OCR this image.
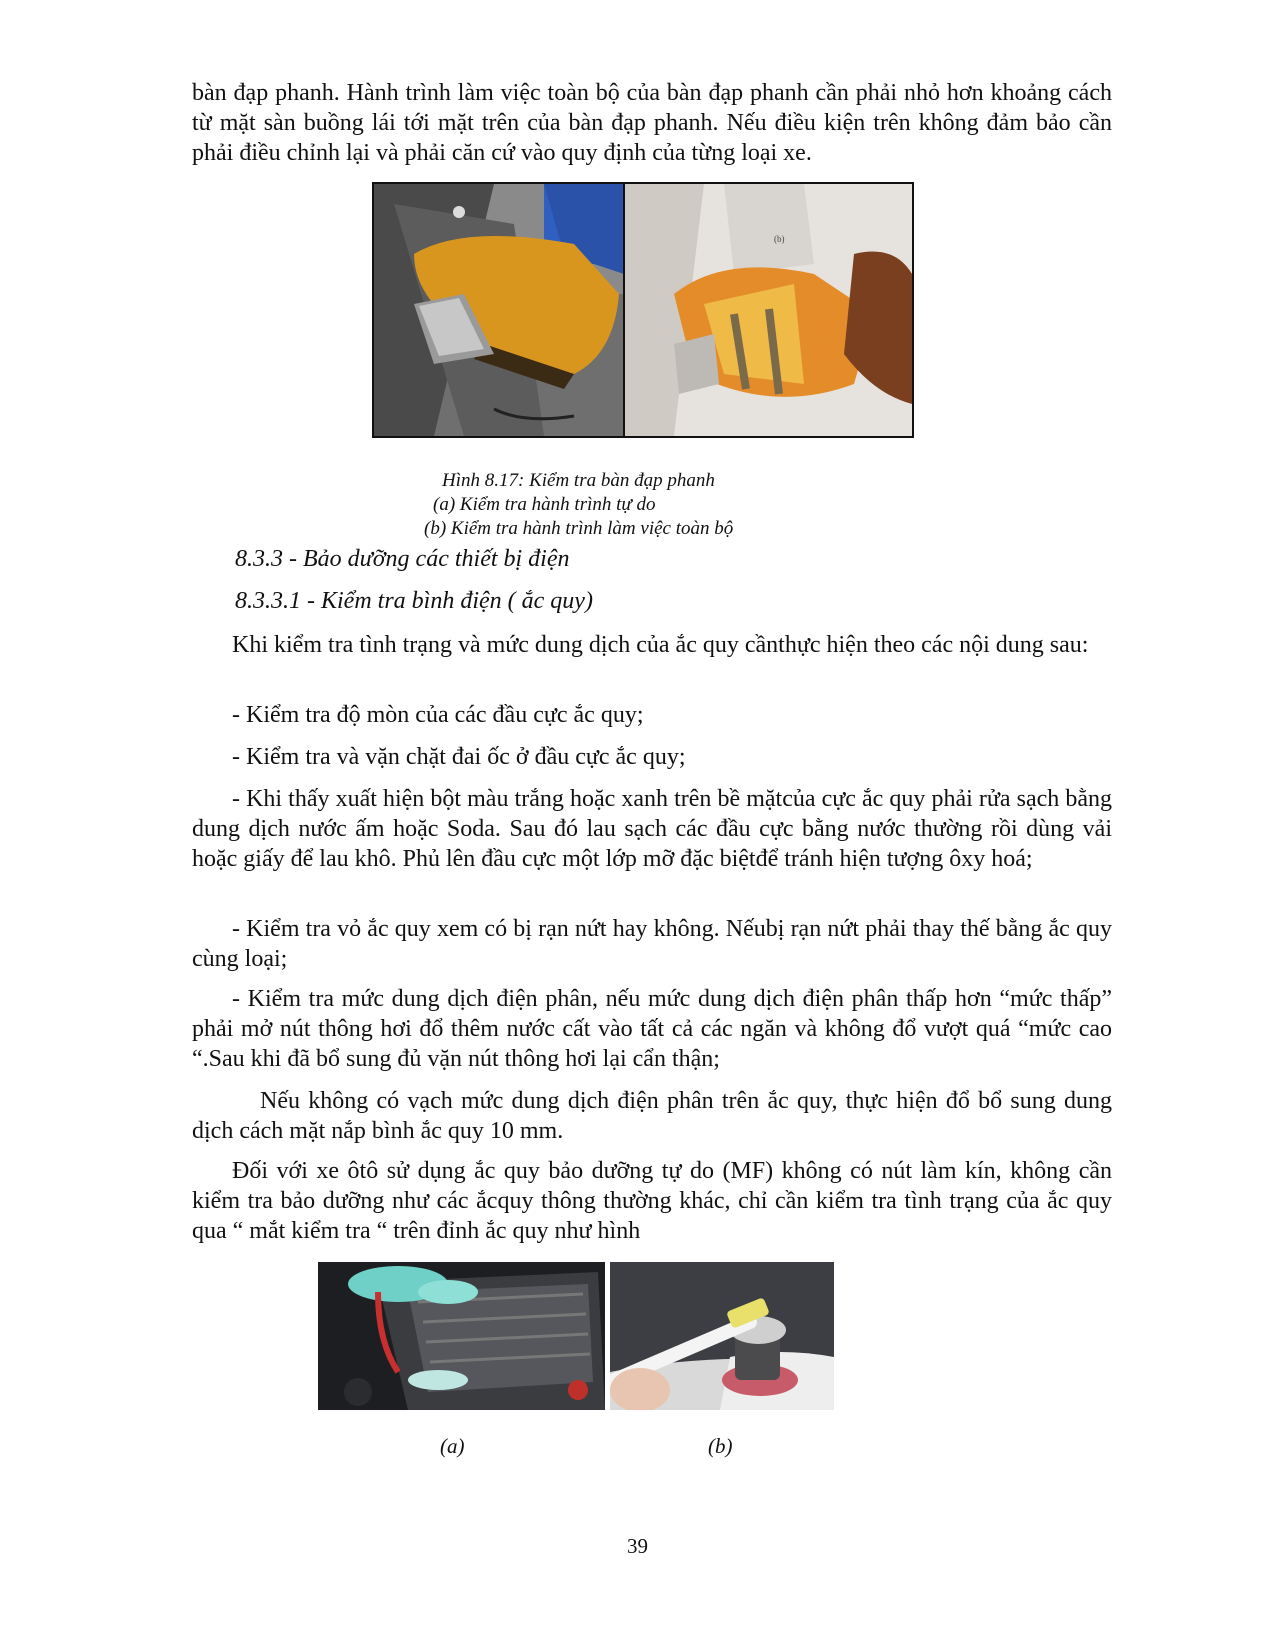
bàn đạp phanh. Hành trình làm việc toàn bộ của bàn đạp phanh cần phải nhỏ hơn khoảng cách từ mặt sàn buồng lái tới mặt trên của bàn đạp phanh. Nếu điều kiện trên không đảm bảo cần phải điều chỉnh lại và phải căn cứ vào quy định của từng loại xe.

(b)

Hình 8.17: Kiểm tra bàn đạp phanh

(a) Kiểm tra hành trình tự do

(b) Kiểm tra hành trình làm việc toàn bộ

8.3.3 - Bảo dưỡng các thiết bị điện

8.3.3.1 - Kiểm tra bình điện ( ắc quy)

Khi kiểm tra tình trạng và mức dung dịch của ắc quy cầnthực hiện theo các nội dung sau:

- Kiểm tra độ mòn của các đầu cực ắc quy;

- Kiểm tra và vặn chặt đai ốc ở đầu cực ắc quy;

- Khi thấy xuất hiện bột màu trắng hoặc xanh trên bề mặtcủa cực ắc quy phải rửa sạch bằng dung dịch nước ấm hoặc Soda. Sau đó lau sạch các đầu cực bằng nước thường rồi dùng vải hoặc giấy để lau khô. Phủ lên đầu cực một lớp mỡ đặc biệtđể tránh hiện tượng ôxy hoá;

- Kiểm tra vỏ ắc quy xem có bị rạn nứt hay không. Nếubị rạn nứt phải thay thế bằng ắc quy cùng loại;

- Kiểm tra mức dung dịch điện phân, nếu mức dung dịch điện phân thấp hơn “mức thấp” phải mở nút thông hơi đổ thêm nước cất vào tất cả các ngăn và không đổ vượt quá “mức cao “.Sau khi đã bổ sung đủ vặn nút thông hơi lại cẩn thận;

Nếu không có vạch mức dung dịch điện phân trên ắc quy, thực hiện đổ bổ sung dung dịch cách mặt nắp bình ắc quy 10 mm.

Đối với xe ôtô sử dụng ắc quy bảo dưỡng tự do (MF) không có nút làm kín, không cần kiểm tra bảo dưỡng như các ắcquy thông thường khác, chỉ cần kiểm tra tình trạng của ắc quy qua “ mắt kiểm tra “ trên đỉnh ắc quy như hình

(a)	(b)

39
